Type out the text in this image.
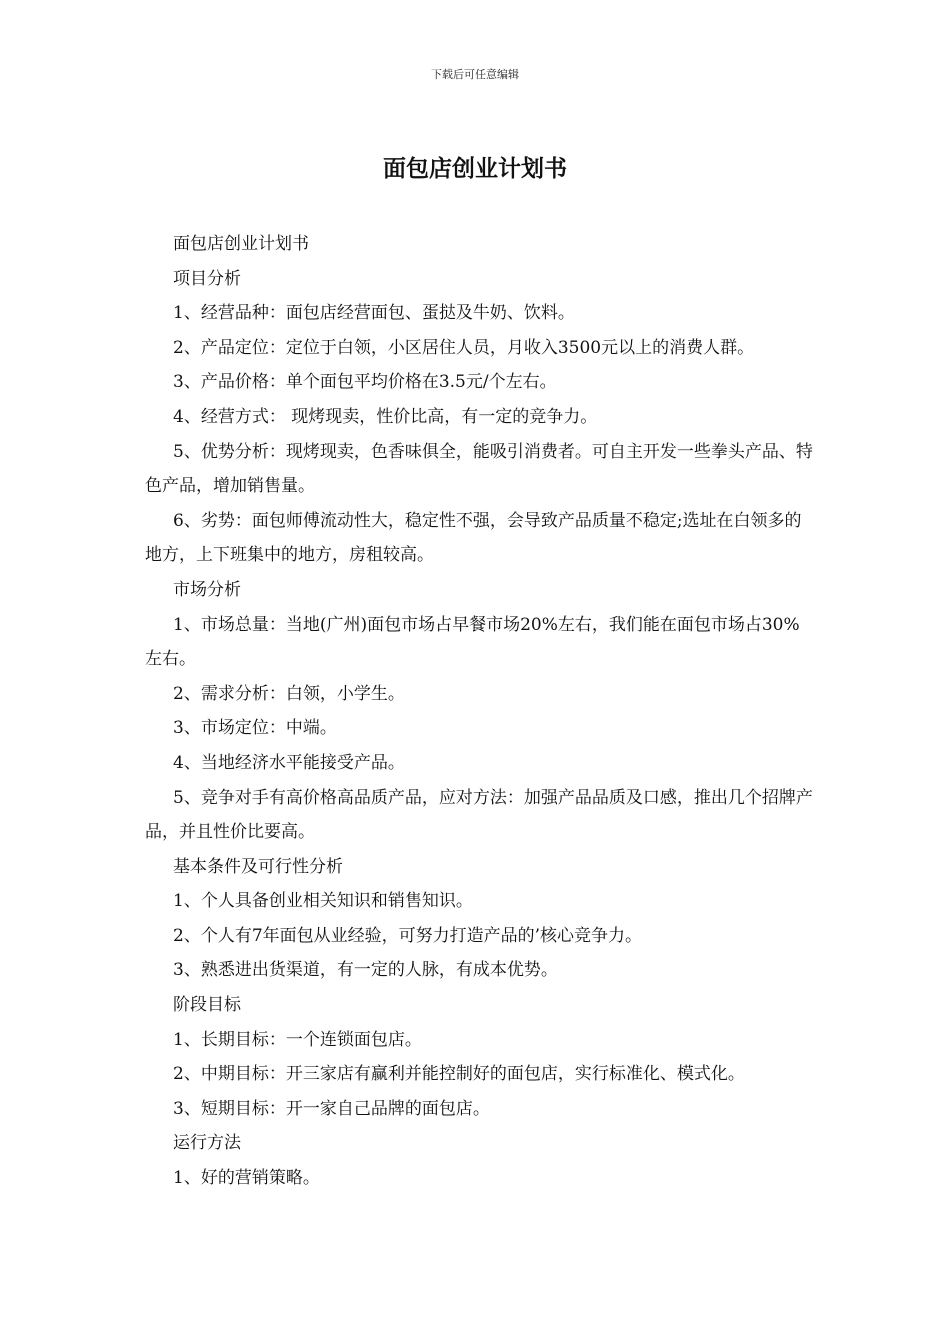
下载后可任意编辑
面包店创业计划书

面包店创业计划书

项目分析

1、经营品种：面包店经营面包、蛋挞及牛奶、饮料。

2、产品定位：定位于白领，小区居住人员，月收入3500元以上的消费人群。

3、产品价格：单个面包平均价格在3.5元/个左右。

4、经营方式： 现烤现卖，性价比高，有一定的竞争力。

5、优势分析：现烤现卖，色香味俱全，能吸引消费者。可自主开发一些拳头产品、特色产品，增加销售量。

6、劣势：面包师傅流动性大，稳定性不强，会导致产品质量不稳定;选址在白领多的地方，上下班集中的地方，房租较高。

市场分析

1、市场总量：当地(广州)面包市场占早餐市场20%左右，我们能在面包市场占30%左右。

2、需求分析：白领，小学生。

3、市场定位：中端。

4、当地经济水平能接受产品。

5、竞争对手有高价格高品质产品，应对方法：加强产品品质及口感，推出几个招牌产品，并且性价比要高。

基本条件及可行性分析

1、个人具备创业相关知识和销售知识。

2、个人有7年面包从业经验，可努力打造产品的’核心竞争力。

3、熟悉进出货渠道，有一定的人脉，有成本优势。

阶段目标

1、长期目标：一个连锁面包店。

2、中期目标：开三家店有赢利并能控制好的面包店，实行标准化、模式化。

3、短期目标：开一家自己品牌的面包店。

运行方法

1、好的营销策略。
